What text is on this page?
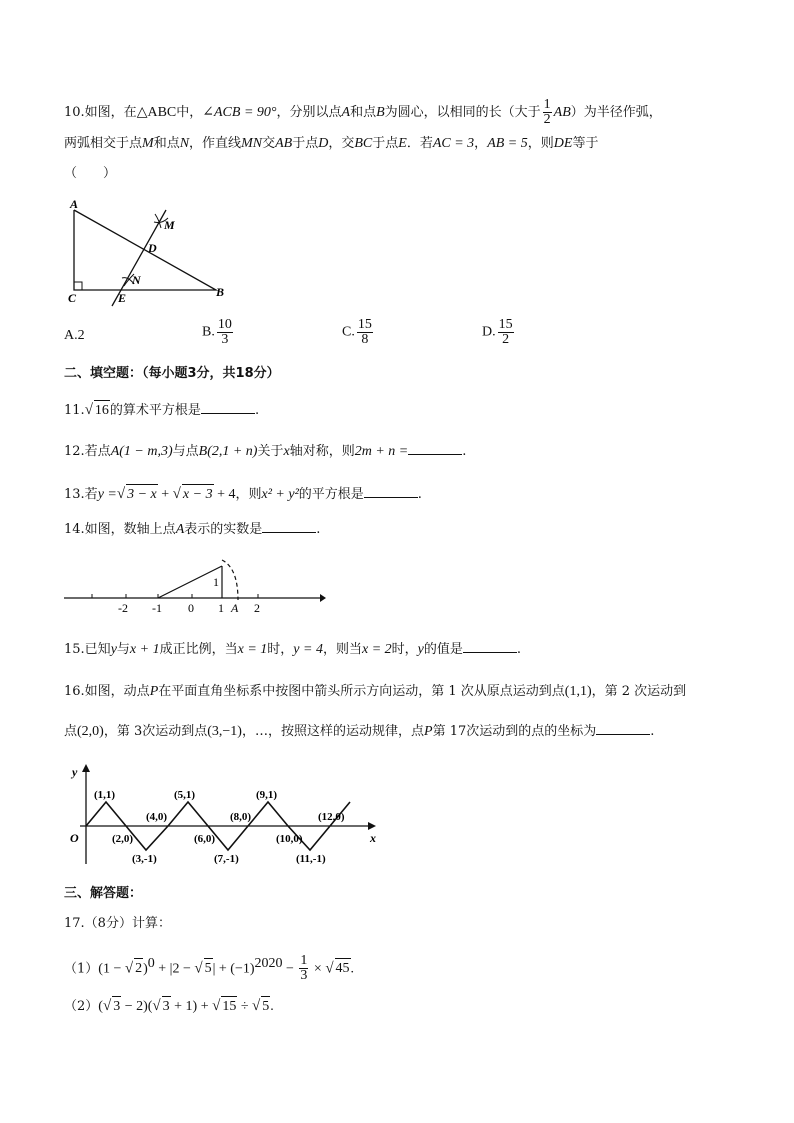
10.如图，在△ABC中，∠ACB = 90°，分别以点A和点B为圆心，以相同的长（大于 $\frac{1}{2} AB$）为半径作弧，
两弧相交于点M和点N，作直线MN交AB于点D，交BC于点E．若AC = 3，AB = 5，则DE等于
（　　）
A
M
D
N
C	E	B
A.2	B. $\frac{10}{3}$	C. $\frac{15}{8}$	D. $\frac{15}{2}$
二、填空题：（每小题3分，共18分）
11.√ 16的算术平方根是	.
12.若点A(1 − m,3)与点B(2,1 + n)关于x轴对称，则2m + n =	.
13.若y =√ 3 − x + √ x − 3 + 4，则x² + y²的平方根是	.
14.如图，数轴上点A表示的实数是	.
-2 -1 0 1 A 2
1
15.已知y与x + 1成正比例，当x = 1时，y = 4，则当x = 2时，y的值是	.
16.如图，动点P在平面直角坐标系中按图中箭头所示方向运动，第 1 次从原点运动到点(1,1)，第 2 次运动到
点(2,0)，第 3次运动到点(3,−1)，…，按照这样的运动规律，点P第 17次运动到的点的坐标为	.
y
x
O
(1,1)
(2,0)
(3,-1)
(4,0)
(5,1)
(6,0)
(7,-1)
(8,0)
(9,1)
(10,0)
(11,-1)
(12,0)
三、解答题：
17.（8分）计算：
（1）(1 − √ 2)$^0$ + |2 − √ $5| + (-1)^{2020} - \frac{1}{3}$ × √ 45.
（2）(√ 3 − 2)(√ 3 + 1) + √ 15 ÷ √ 5.
